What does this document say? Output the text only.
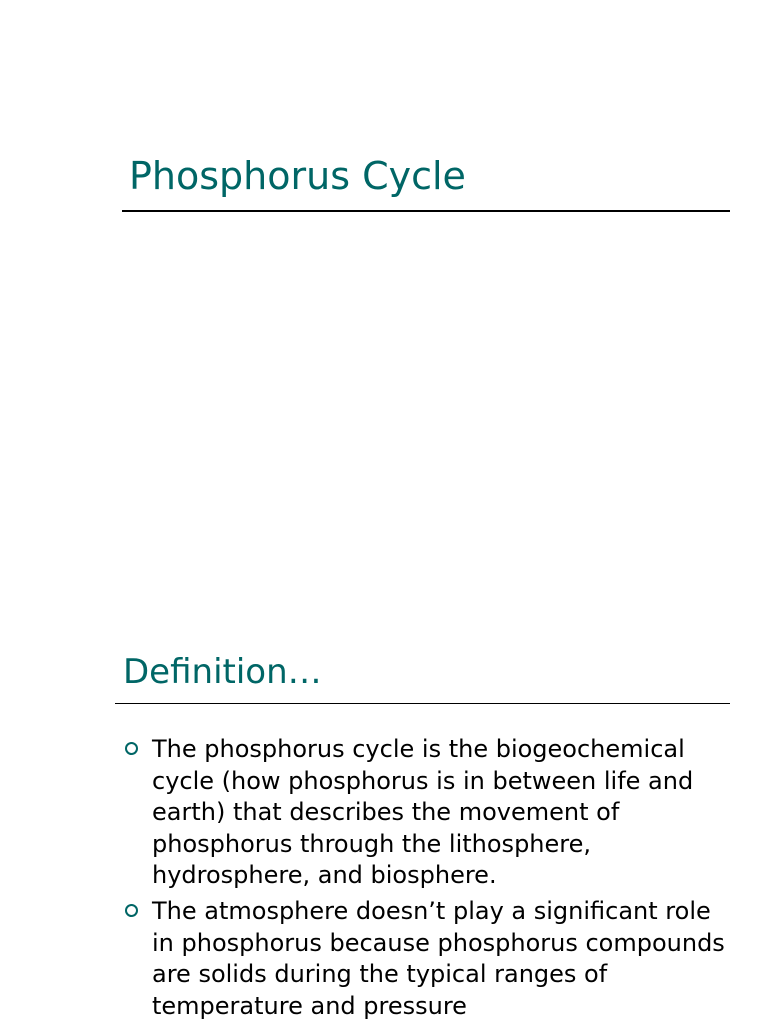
Phosphorus Cycle
Definition…
The phosphorus cycle is the biogeochemical cycle (how phosphorus is in between life and earth) that describes the movement of phosphorus through the lithosphere, hydrosphere, and biosphere.
The atmosphere doesn’t play a significant role in phosphorus because phosphorus compounds are solids during the typical ranges of temperature and pressure
